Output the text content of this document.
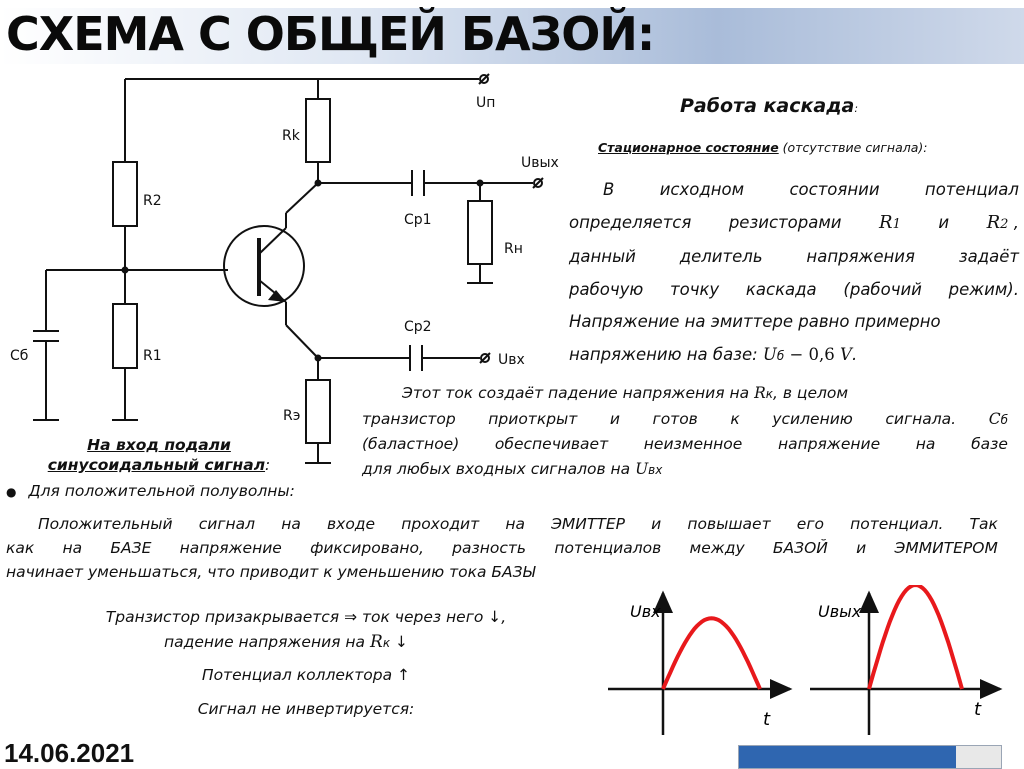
СХЕМА С ОБЩЕЙ БАЗОЙ:
Uп
Rk
Uвых
R2
Cр1
Rн
Cр2
Cб	R1	Uвх
Rэ
Работа каскада:
Стационарное состояние (отсутствие сигнала):
В	исходном	состоянии	потенциал
определяется резисторами R1 и R2 ,
данный	делитель	напряжения	задаёт
рабочую точку каскада (рабочий режим).
Напряжение на эмиттере равно примерно
напряжению на базе: Uб − 0,6 V.
Этот ток создаёт падение напряжения на Rк, в целом
транзистор приоткрыт и готов к усилению сигнала. Cб
(баластное) обеспечивает неизменное напряжение на базе
для любых входных сигналов на Uвх
На вход подали
синусоидальный сигнал:
● Для положительной полуволны:
Положительный сигнал на входе проходит на ЭМИТТЕР и повышает его потенциал. Так
как на БАЗЕ напряжение фиксировано, разность потенциалов между БАЗОЙ и ЭММИТЕРОМ
начинает уменьшаться, что приводит к уменьшению тока БАЗЫ
Транзистор призакрывается ⇒ ток через него ↓,
падение напряжения на Rк ↓
Потенциал коллектора ↑
Сигнал не инвертируется:
Uвх
t
Uвых
t
14.06.2021
